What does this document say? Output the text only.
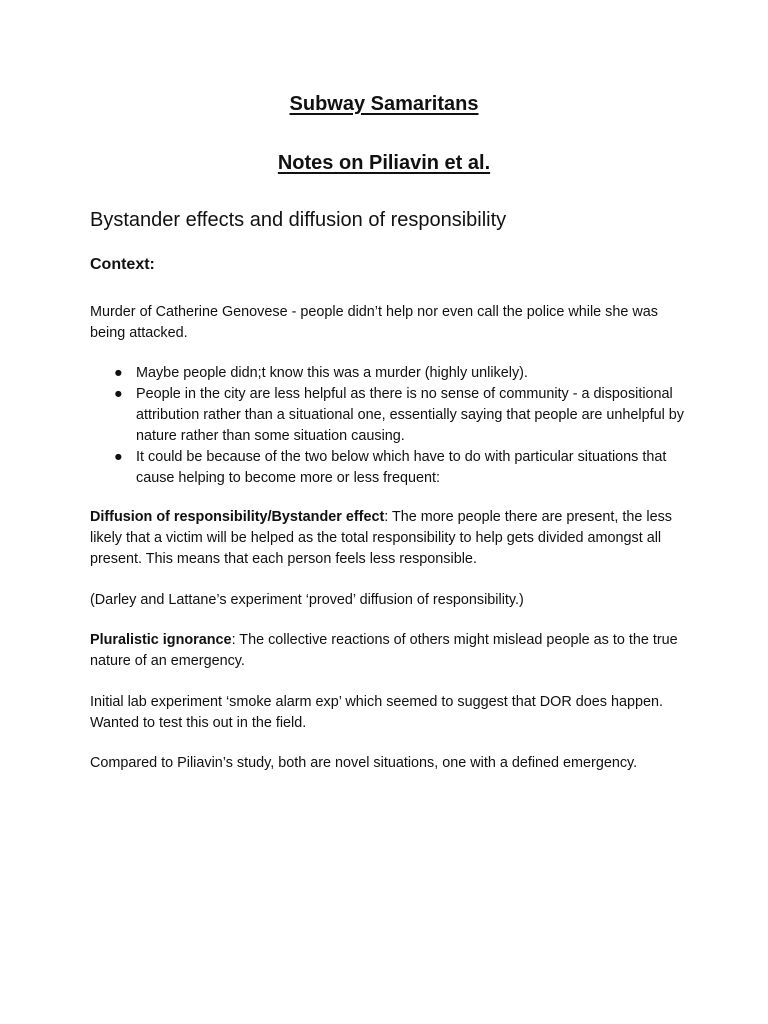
Subway Samaritans
Notes on Piliavin et al.
Bystander effects and diffusion of responsibility

Context:

Murder of Catherine Genovese - people didn’t help nor even call the police while she was being attacked.

● Maybe people didn;t know this was a murder (highly unlikely).
● People in the city are less helpful as there is no sense of community - a dispositional attribution rather than a situational one, essentially saying that people are unhelpful by nature rather than some situation causing.
● It could be because of the two below which have to do with particular situations that cause helping to become more or less frequent:

Diffusion of responsibility/Bystander effect: The more people there are present, the less likely that a victim will be helped as the total responsibility to help gets divided amongst all present. This means that each person feels less responsible.

(Darley and Lattane’s experiment ‘proved’ diffusion of responsibility.)

Pluralistic ignorance: The collective reactions of others might mislead people as to the true nature of an emergency.

Initial lab experiment ‘smoke alarm exp’ which seemed to suggest that DOR does happen. Wanted to test this out in the field.

Compared to Piliavin’s study, both are novel situations, one with a defined emergency.
